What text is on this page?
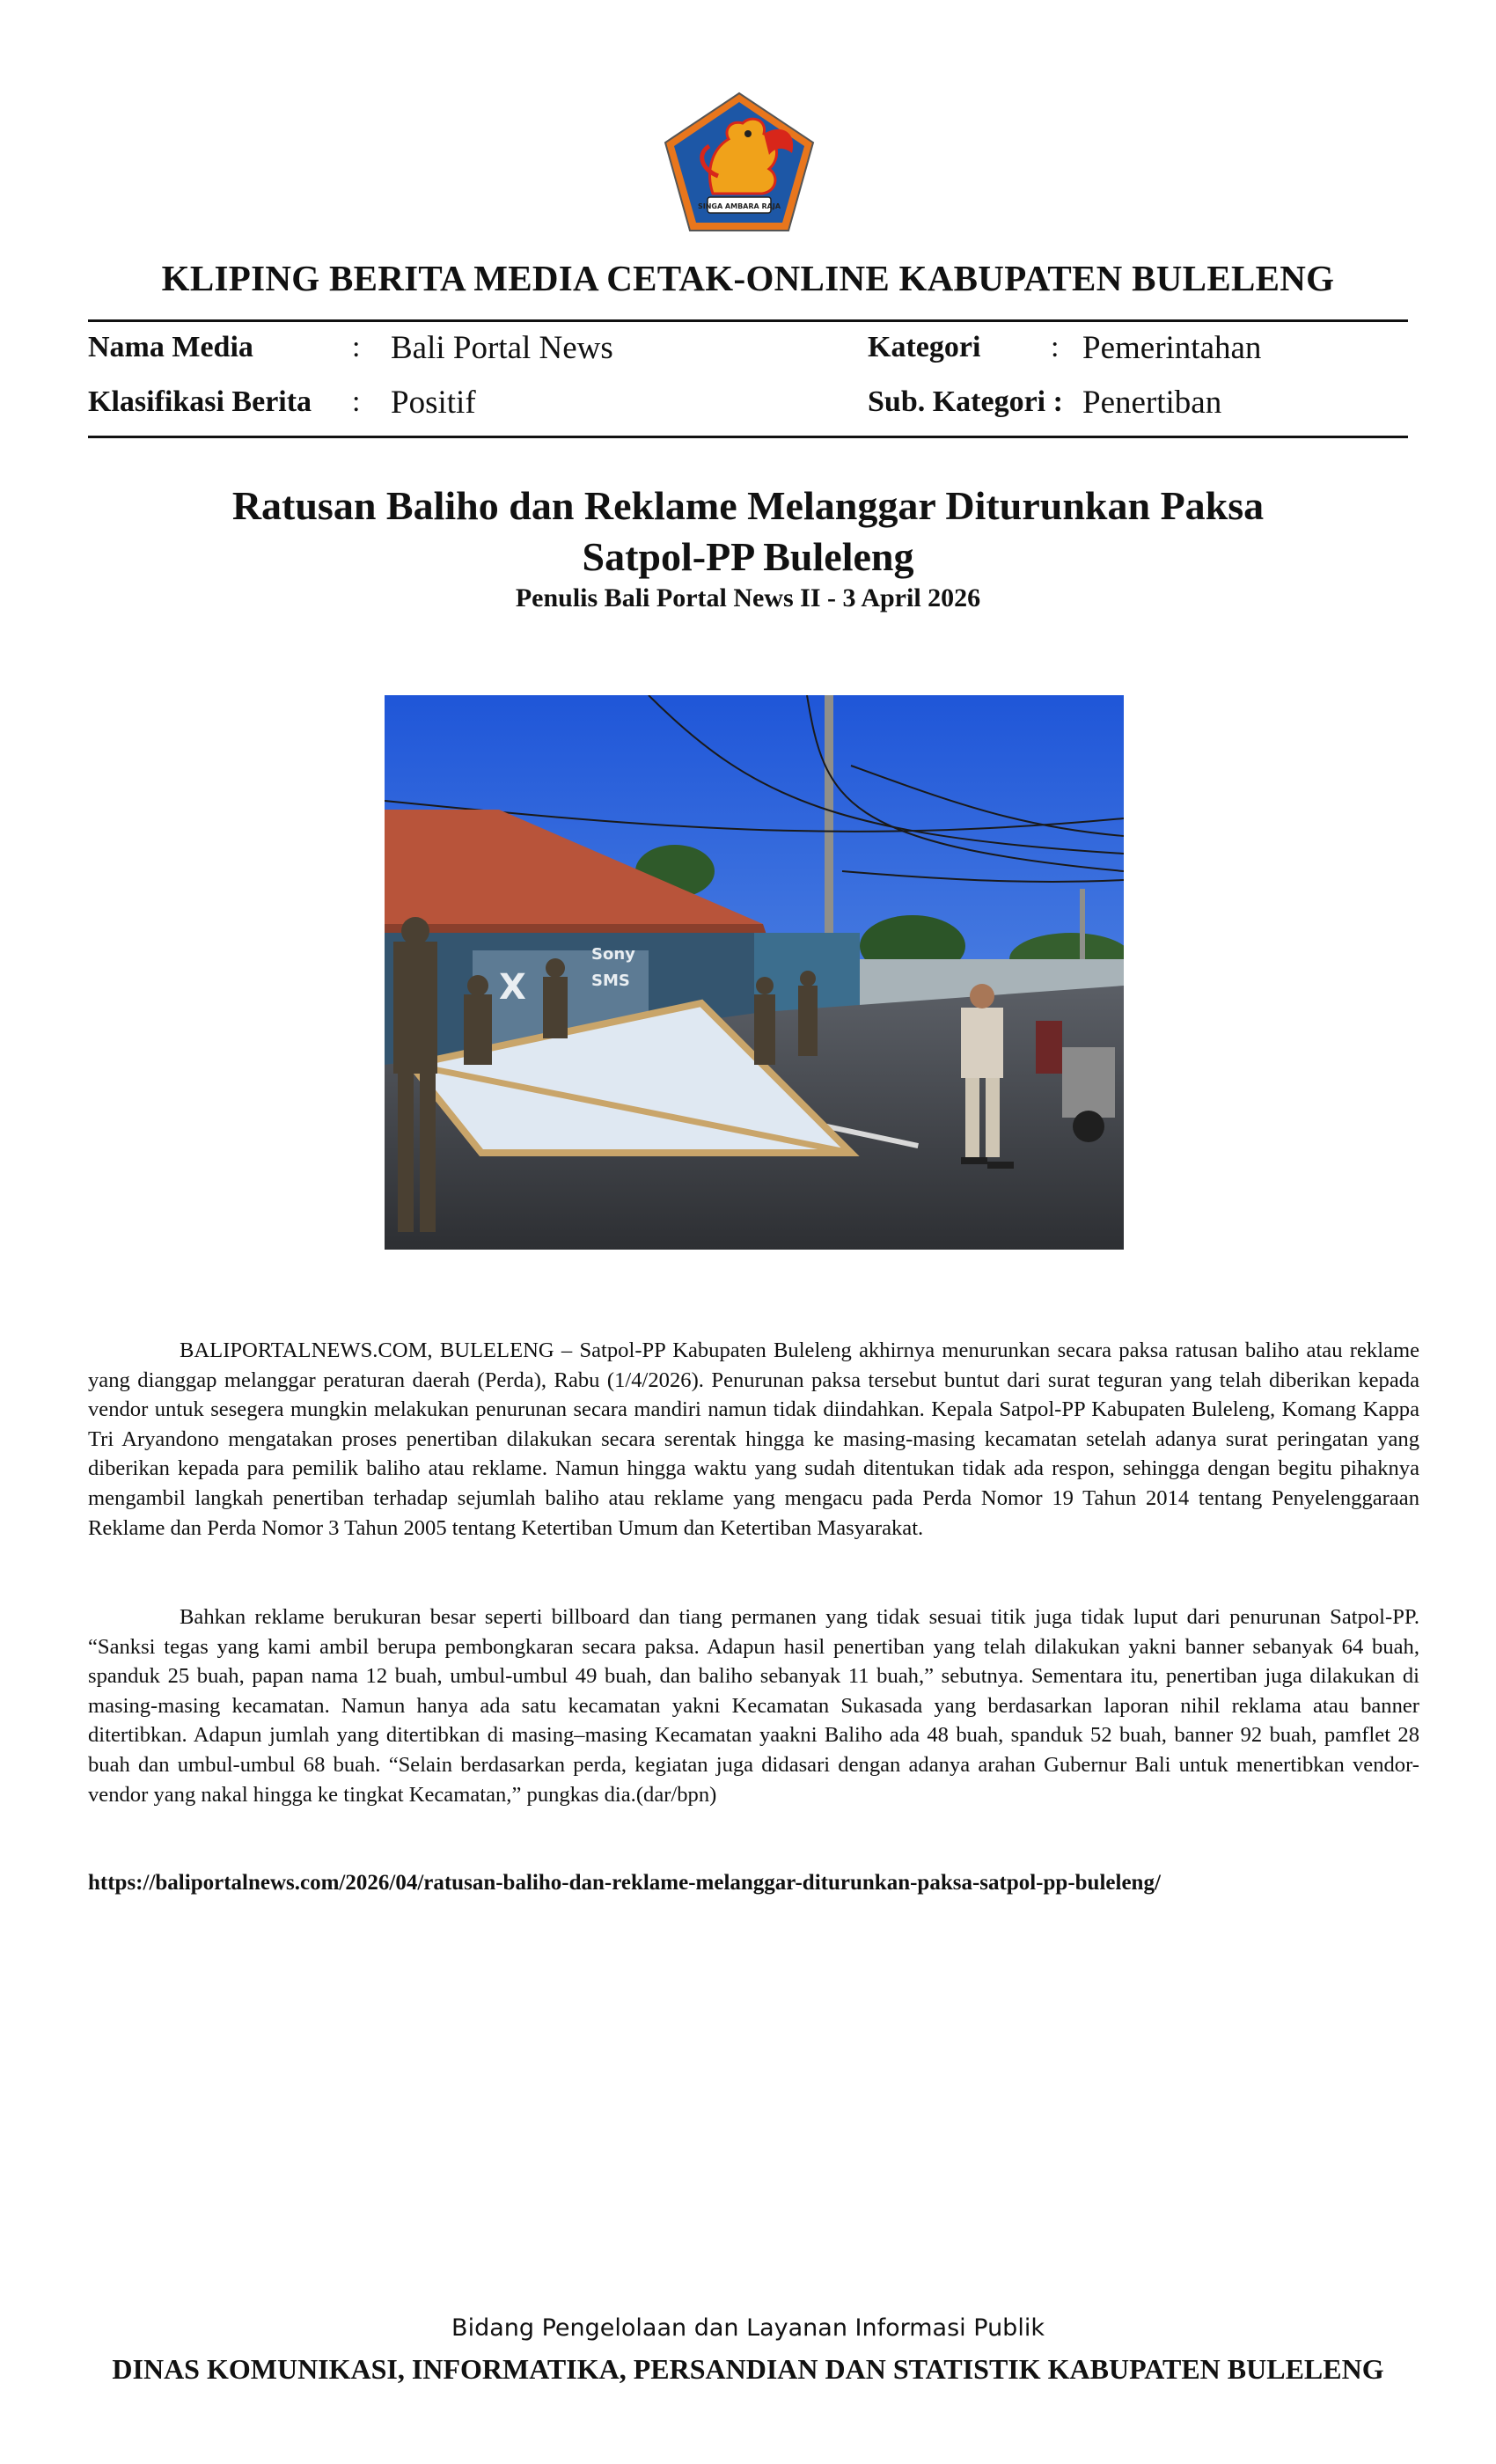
SINGA AMBARA RAJA
KLIPING BERITA MEDIA CETAK-ONLINE KABUPATEN BULELENG
Nama Media	: Bali Portal News
Klasifikasi Berita : Positif
Kategori : Pemerintahan
Sub. Kategori : Penertiban
Ratusan Baliho dan Reklame Melanggar Diturunkan Paksa
Satpol-PP Buleleng
Penulis Bali Portal News II - 3 April 2026
X
Sony
SMS

BALIPORTALNEWS.COM, BULELENG – Satpol-PP Kabupaten Buleleng akhirnya menurunkan secara paksa ratusan baliho atau reklame yang dianggap melanggar peraturan daerah (Perda), Rabu (1/4/2026). Penurunan paksa tersebut buntut dari surat teguran yang telah diberikan kepada vendor untuk sesegera mungkin melakukan penurunan secara mandiri namun tidak diindahkan. Kepala Satpol-PP Kabupaten Buleleng, Komang Kappa Tri Aryandono mengatakan proses penertiban dilakukan secara serentak hingga ke masing-masing kecamatan setelah adanya surat peringatan yang diberikan kepada para pemilik baliho atau reklame. Namun hingga waktu yang sudah ditentukan tidak ada respon, sehingga dengan begitu pihaknya mengambil langkah penertiban terhadap sejumlah baliho atau reklame yang mengacu pada Perda Nomor 19 Tahun 2014 tentang Penyelenggaraan Reklame dan Perda Nomor 3 Tahun 2005 tentang Ketertiban Umum dan Ketertiban Masyarakat.

Bahkan reklame berukuran besar seperti billboard dan tiang permanen yang tidak sesuai titik juga tidak luput dari penurunan Satpol-PP. “Sanksi tegas yang kami ambil berupa pembongkaran secara paksa. Adapun hasil penertiban yang telah dilakukan yakni banner sebanyak 64 buah, spanduk 25 buah, papan nama 12 buah, umbul-umbul 49 buah, dan baliho sebanyak 11 buah,” sebutnya. Sementara itu, penertiban juga dilakukan di masing-masing kecamatan. Namun hanya ada satu kecamatan yakni Kecamatan Sukasada yang berdasarkan laporan nihil reklama atau banner ditertibkan. Adapun jumlah yang ditertibkan di masing–masing Kecamatan yaakni Baliho ada 48 buah, spanduk 52 buah, banner 92 buah, pamflet 28 buah dan umbul-umbul 68 buah. “Selain berdasarkan perda, kegiatan juga didasari dengan adanya arahan Gubernur Bali untuk menertibkan vendor-vendor yang nakal hingga ke tingkat Kecamatan,” pungkas dia.(dar/bpn)

https://baliportalnews.com/2026/04/ratusan-baliho-dan-reklame-melanggar-diturunkan-paksa-satpol-pp-buleleng/
Bidang Pengelolaan dan Layanan Informasi Publik
DINAS KOMUNIKASI, INFORMATIKA, PERSANDIAN DAN STATISTIK KABUPATEN BULELENG
